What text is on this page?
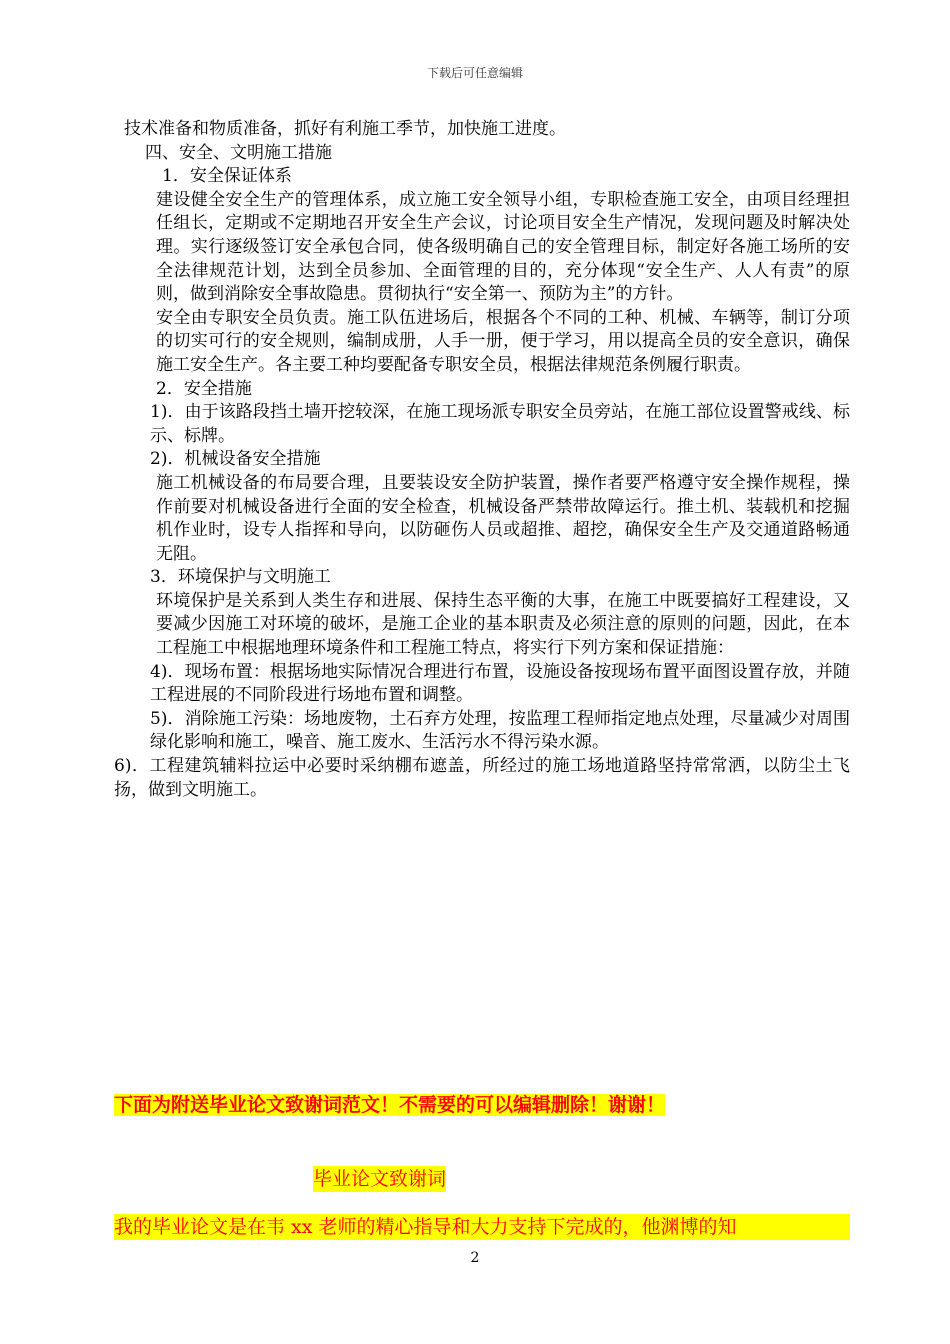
下载后可任意编辑

技术准备和物质准备，抓好有利施工季节，加快施工进度。

四、安全、文明施工措施

1．安全保证体系

建设健全安全生产的管理体系，成立施工安全领导小组，专职检查施工安全，由项目经理担任组长，定期或不定期地召开安全生产会议，讨论项目安全生产情况，发现问题及时解决处理。实行逐级签订安全承包合同，使各级明确自己的安全管理目标，制定好各施工场所的安全法律规范计划，达到全员参加、全面管理的目的，充分体现“安全生产、人人有责”的原则，做到消除安全事故隐患。贯彻执行“安全第一、预防为主”的方针。

安全由专职安全员负责。施工队伍进场后，根据各个不同的工种、机械、车辆等，制订分项的切实可行的安全规则，编制成册，人手一册，便于学习，用以提高全员的安全意识，确保施工安全生产。各主要工种均要配备专职安全员，根据法律规范条例履行职责。

2．安全措施

1)．由于该路段挡土墙开挖较深，在施工现场派专职安全员旁站，在施工部位设置警戒线、标示、标牌。

2)．机械设备安全措施

施工机械设备的布局要合理，且要装设安全防护装置，操作者要严格遵守安全操作规程，操作前要对机械设备进行全面的安全检查，机械设备严禁带故障运行。推土机、装载机和挖掘机作业时，设专人指挥和导向，以防砸伤人员或超推、超挖，确保安全生产及交通道路畅通无阻。

3．环境保护与文明施工

环境保护是关系到人类生存和进展、保持生态平衡的大事，在施工中既要搞好工程建设，又要减少因施工对环境的破坏，是施工企业的基本职责及必须注意的原则的问题，因此，在本工程施工中根据地理环境条件和工程施工特点，将实行下列方案和保证措施：

4)．现场布置：根据场地实际情况合理进行布置，设施设备按现场布置平面图设置存放，并随工程进展的不同阶段进行场地布置和调整。

5)．消除施工污染：场地废物，土石弃方处理，按监理工程师指定地点处理，尽量减少对周围绿化影响和施工，噪音、施工废水、生活污水不得污染水源。

6)．工程建筑辅料拉运中必要时采纳棚布遮盖，所经过的施工场地道路坚持常常洒，以防尘土飞扬，做到文明施工。

下面为附送毕业论文致谢词范文！不需要的可以编辑删除！谢谢！
毕业论文致谢词
我的毕业论文是在韦 xx 老师的精心指导和大力支持下完成的，他渊博的知
2
